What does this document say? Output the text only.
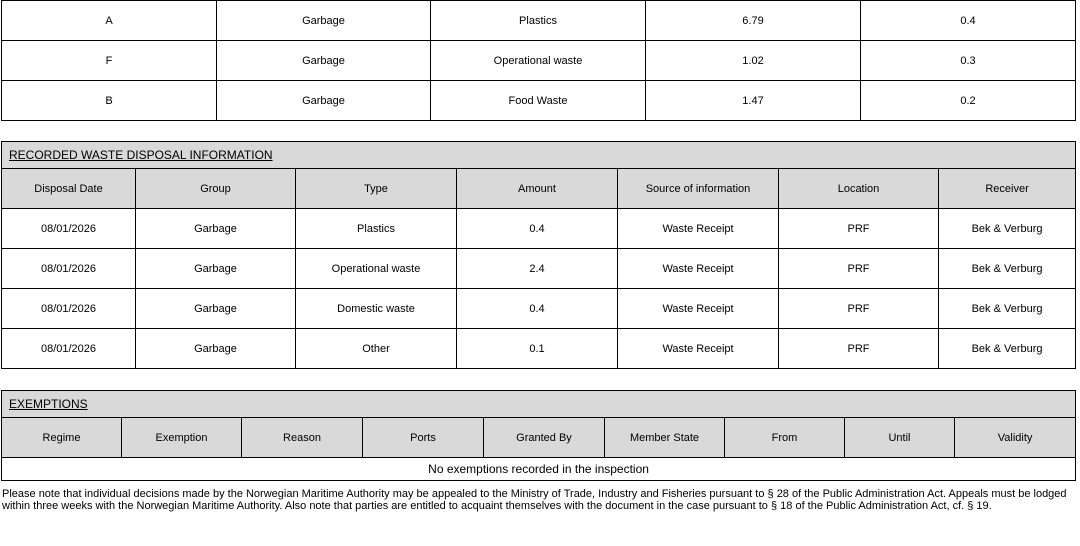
A	Garbage	Plastics	6.79	0.4
F	Garbage	Operational waste	1.02	0.3
B	Garbage	Food Waste	1.47	0.2
RECORDED WASTE DISPOSAL INFORMATION						
Disposal Date	Group	Type	Amount	Source of information	Location	Receiver
08/01/2026	Garbage	Plastics	0.4	Waste Receipt	PRF	Bek & Verburg
08/01/2026	Garbage	Operational waste	2.4	Waste Receipt	PRF	Bek & Verburg
08/01/2026	Garbage	Domestic waste	0.4	Waste Receipt	PRF	Bek & Verburg
08/01/2026	Garbage	Other	0.1	Waste Receipt	PRF	Bek & Verburg
EXEMPTIONS
Regime	Exemption	Reason	Ports	Granted By	Member State	From	Until	Validity
No exemptions recorded in the inspection

Please note that individual decisions made by the Norwegian Maritime Authority may be appealed to the Ministry of Trade, Industry and Fisheries pursuant to § 28 of the Public Administration Act. Appeals must be lodged within three weeks with the Norwegian Maritime Authority. Also note that parties are entitled to acquaint themselves with the document in the case pursuant to § 18 of the Public Administration Act, cf. § 19.
